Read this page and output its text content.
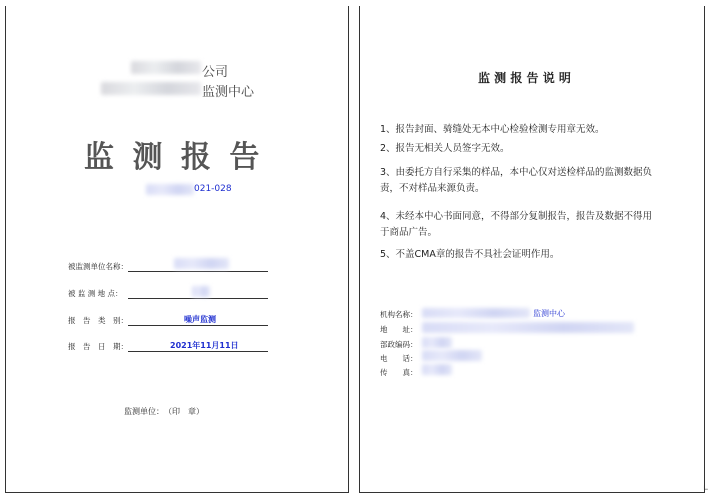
公司
监测中心
监 测 报 告
021-028
被监测单位名称：
被 监 测 地 点：
报　告　类　别：	噪声监测
报　告　日　期：	2021年11月11日
监测单位：　（印　章）
监 测 报 告 说 明
1、报告封面、骑缝处无本中心检验检测专用章无效。
2、报告无相关人员签字无效。
3、由委托方自行采集的样品，本中心仅对送检样品的监测数据负
责，不对样品来源负责。
4、未经本中心书面同意，不得部分复制报告，报告及数据不得用
于商品广告。
5、不盖CMA章的报告不具社会证明作用。
机构名称：	监测中心
地　　址：
部政编码：
电　　话：
传　　真：
∟
